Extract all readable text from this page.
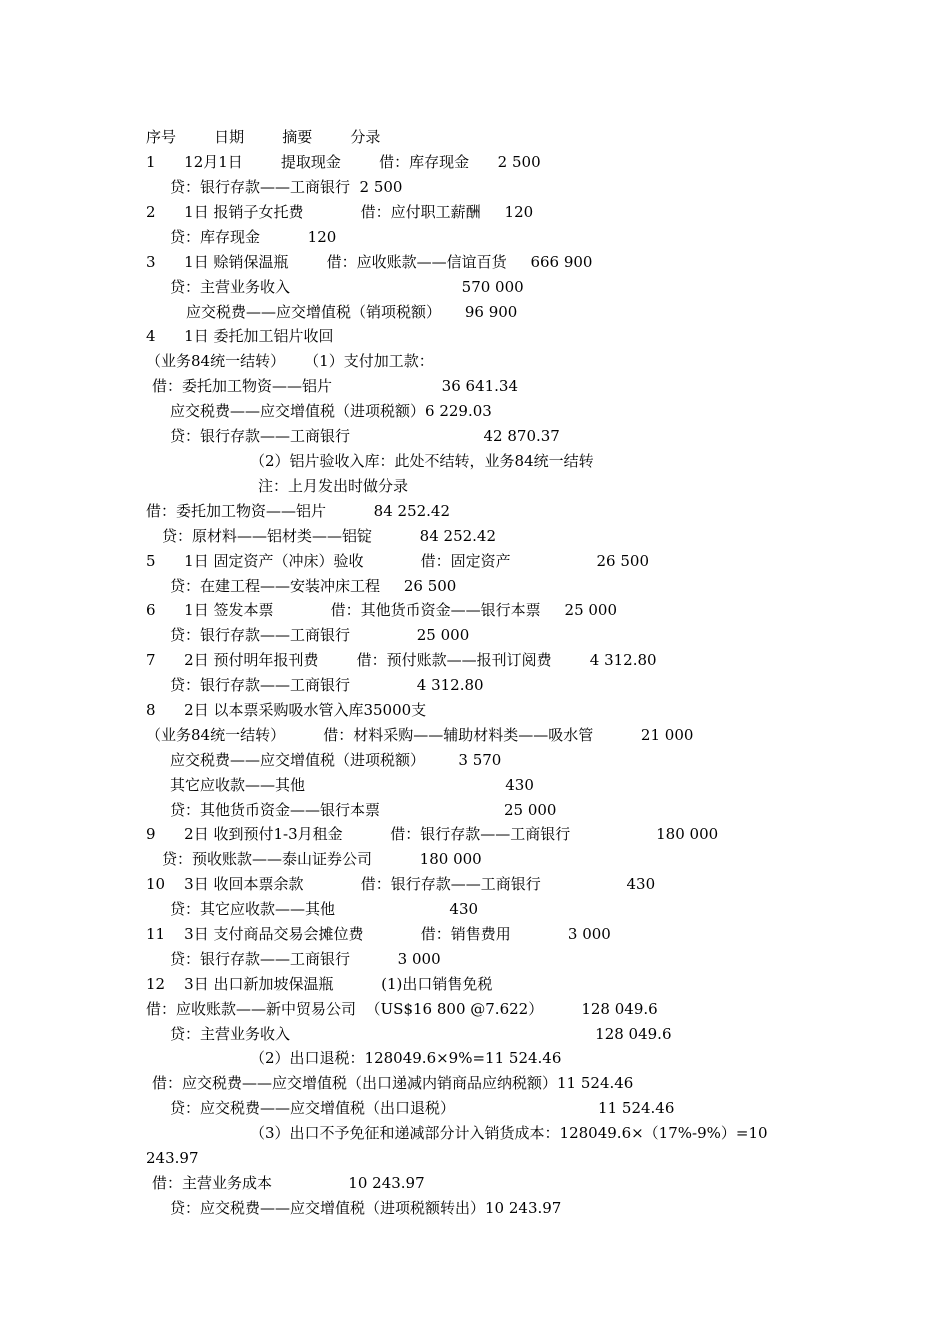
序号        日期        摘要        分录
1      12月1日        提取现金        借：库存现金      2 500
贷：银行存款——工商银行  2 500
2      1日 报销子女托费            借：应付职工薪酬     120
贷：库存现金          120
3      1日 赊销保温瓶        借：应收账款——信谊百货     666 900
贷：主营业务收入                                    570 000
应交税费——应交增值税（销项税额）     96 900
4      1日 委托加工铝片收回
（业务84统一结转）    （1）支付加工款：
借：委托加工物资——铝片                       36 641.34
应交税费——应交增值税（进项税额）6 229.03
贷：银行存款——工商银行                            42 870.37
（2）铝片验收入库：此处不结转，业务84统一结转
注：上月发出时做分录
借：委托加工物资——铝片          84 252.42
贷：原材料——铝材类——铝锭          84 252.42
5      1日 固定资产（冲床）验收            借：固定资产                  26 500
贷：在建工程——安装冲床工程     26 500
6      1日 签发本票            借：其他货币资金——银行本票     25 000
贷：银行存款——工商银行              25 000
7      2日 预付明年报刊费        借：预付账款——报刊订阅费        4 312.80
贷：银行存款——工商银行              4 312.80
8      2日 以本票采购吸水管入库35000支
（业务84统一结转）        借：材料采购——辅助材料类——吸水管          21 000
应交税费——应交增值税（进项税额）       3 570
其它应收款——其他                                          430
贷：其他货币资金——银行本票                          25 000
9      2日 收到预付1-3月租金          借：银行存款——工商银行                  180 000
贷：预收账款——泰山证券公司          180 000
10    3日 收回本票余款            借：银行存款——工商银行                  430
贷：其它应收款——其他                        430
11    3日 支付商品交易会摊位费            借：销售费用            3 000
贷：银行存款——工商银行          3 000
12    3日 出口新加坡保温瓶          (1)出口销售免税
借：应收账款——新中贸易公司  （US$16 800 @7.622）        128 049.6
贷：主营业务收入                                                                128 049.6
（2）出口退税：128049.6×9%=11 524.46
借：应交税费——应交增值税（出口递减内销商品应纳税额）11 524.46
贷：应交税费——应交增值税（出口退税）                              11 524.46
（3）出口不予免征和递减部分计入销货成本：128049.6×（17%-9%）=10
243.97
借：主营业务成本                10 243.97
贷：应交税费——应交增值税（进项税额转出）10 243.97
